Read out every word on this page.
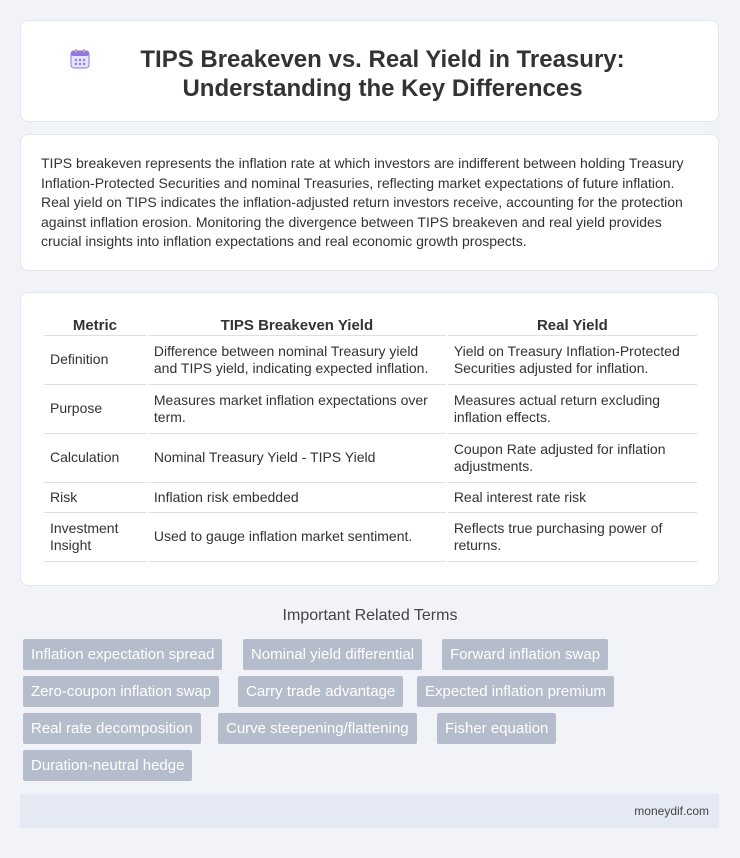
TIPS Breakeven vs. Real Yield in Treasury: Understanding the Key Differences

TIPS breakeven represents the inflation rate at which investors are indifferent between holding Treasury Inflation-Protected Securities and nominal Treasuries, reflecting market expectations of future inflation. Real yield on TIPS indicates the inflation-adjusted return investors receive, accounting for the protection against inflation erosion. Monitoring the divergence between TIPS breakeven and real yield provides crucial insights into inflation expectations and real economic growth prospects.

Metric	TIPS Breakeven Yield	Real Yield
Definition	Difference between nominal Treasury yield and TIPS yield, indicating expected inflation.	Yield on Treasury Inflation-Protected Securities adjusted for inflation.
Purpose	Measures market inflation expectations over term.	Measures actual return excluding inflation effects.
Calculation	Nominal Treasury Yield - TIPS Yield	Coupon Rate adjusted for inflation adjustments.
Risk	Inflation risk embedded	Real interest rate risk
Investment Insight	Used to gauge inflation market sentiment.	Reflects true purchasing power of returns.
Important Related Terms
Inflation expectation spread	Nominal yield differential	Forward inflation swap
Zero-coupon inflation swap	Carry trade advantage	Expected inflation premium
Real rate decomposition	Curve steepening/flattening	Fisher equation
Duration-neutral hedge
moneydif.com
